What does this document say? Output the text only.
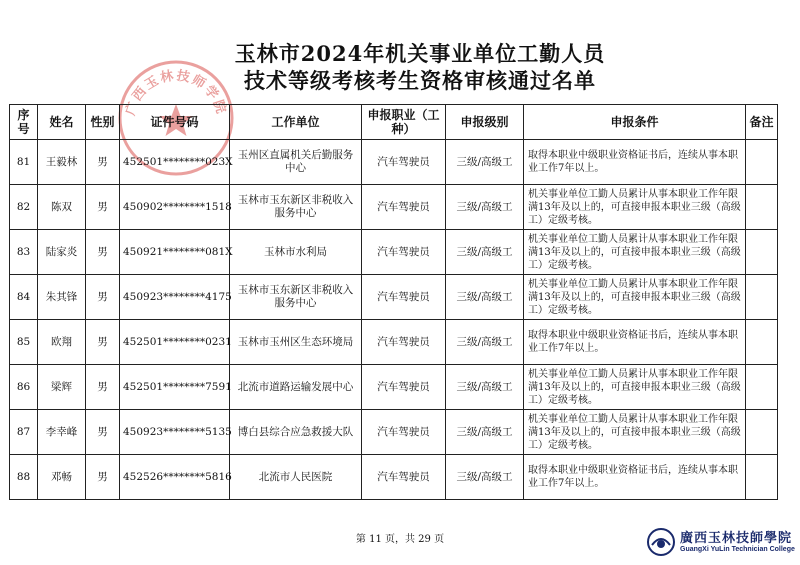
广西玉林技师学院
玉林市2024年机关事业单位工勤人员
技术等级考核考生资格审核通过名单
序号	姓名	性别	证件号码	工作单位	申报职业（工种）	申报级别	申报条件	备注
81	王毅林	男	452501********023X	玉州区直属机关后勤服务中心	汽车驾驶员	三级/高级工	取得本职业中级职业资格证书后，连续从事本职业工作7年以上。	
82	陈双	男	450902********1518	玉林市玉东新区非税收入服务中心	汽车驾驶员	三级/高级工	机关事业单位工勤人员累计从事本职业工作年限满13年及以上的，可直接申报本职业三级（高级工）定级考核。	
83	陆家炎	男	450921********081X	玉林市水利局	汽车驾驶员	三级/高级工	机关事业单位工勤人员累计从事本职业工作年限满13年及以上的，可直接申报本职业三级（高级工）定级考核。	
84	朱其锋	男	450923********4175	玉林市玉东新区非税收入服务中心	汽车驾驶员	三级/高级工	机关事业单位工勤人员累计从事本职业工作年限满13年及以上的，可直接申报本职业三级（高级工）定级考核。	
85	欧翔	男	452501********0231	玉林市玉州区生态环境局	汽车驾驶员	三级/高级工	取得本职业中级职业资格证书后，连续从事本职业工作7年以上。	
86	梁辉	男	452501********7591	北流市道路运输发展中心	汽车驾驶员	三级/高级工	机关事业单位工勤人员累计从事本职业工作年限满13年及以上的，可直接申报本职业三级（高级工）定级考核。	
87	李幸峰	男	450923********5135	博白县综合应急救援大队	汽车驾驶员	三级/高级工	机关事业单位工勤人员累计从事本职业工作年限满13年及以上的，可直接申报本职业三级（高级工）定级考核。	
88	邓畅	男	452526********5816	北流市人民医院	汽车驾驶员	三级/高级工	取得本职业中级职业资格证书后，连续从事本职业工作7年以上。	
第 11 页，共 29 页	廣西玉林技師學院
GuangXi YuLin Technician College
